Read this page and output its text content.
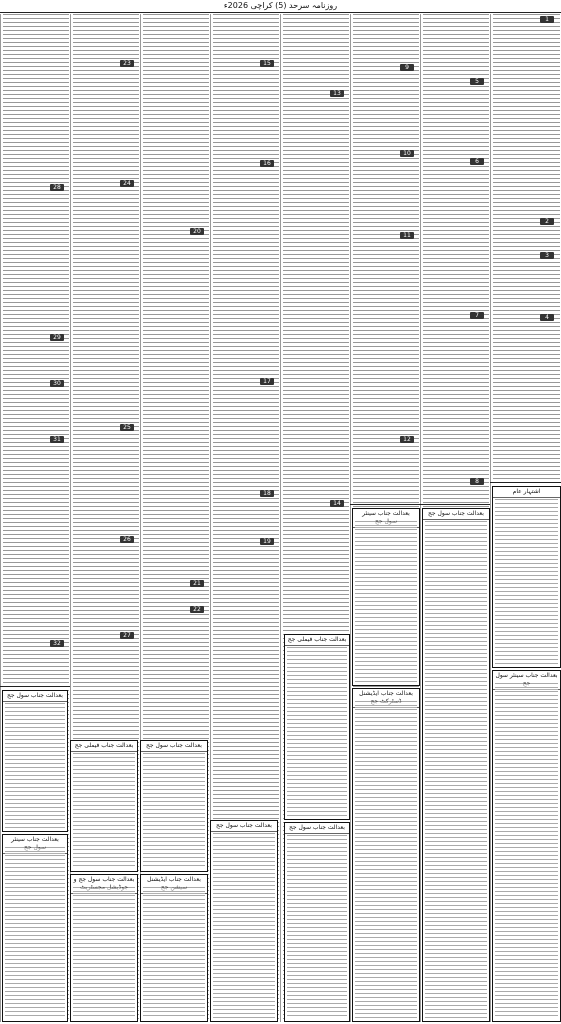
روزنامہ سرحد (5) کراچی 2026ء
1
2
3
4
5
6
7
8
9
10
11
12
13
14
15
16
17
18
19
20
21
22
23
24
25
26
27
28
29
30
31
32
بعدالت جناب سول جج
بعدالت جناب سینئر
بعدالت جناب فیملی جج
بعدالت جناب سول جج و
بعدالت جناب سول جج
بعدالت جناب ایڈیشنل
بعدالت جناب سول جج
بعدالت جناب فیملی جج
بعدالت جناب سول جج
بعدالت جناب سینئر
بعدالت جناب ایڈیشنل
بعدالت جناب سول جج
اشتہار عام
بعدالت جناب سینئر سول
